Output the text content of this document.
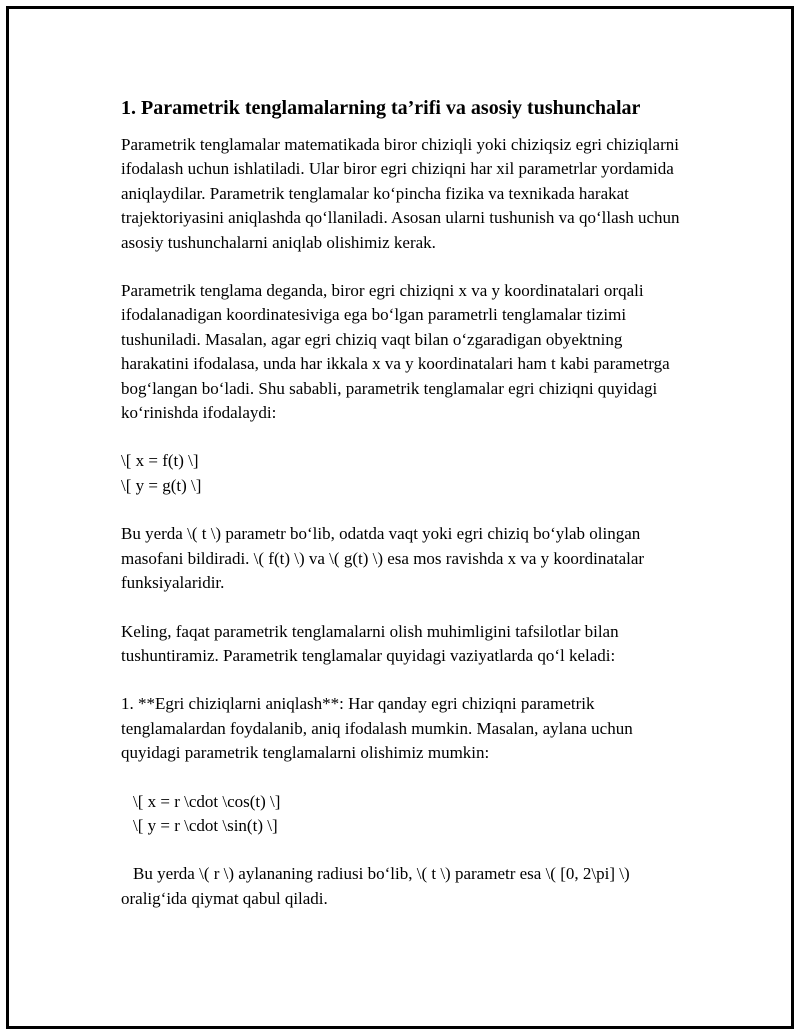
1. Parametrik tenglamalarning ta’rifi va asosiy tushunchalar

Parametrik tenglamalar matematikada biror chiziqli yoki chiziqsiz egri chiziqlarni ifodalash uchun ishlatiladi. Ular biror egri chiziqni har xil parametrlar yordamida aniqlaydilar. Parametrik tenglamalar ko‘pincha fizika va texnikada harakat trajektoriyasini aniqlashda qo‘llaniladi. Asosan ularni tushunish va qo‘llash uchun asosiy tushunchalarni aniqlab olishimiz kerak.

Parametrik tenglama deganda, biror egri chiziqni x va y koordinatalari orqali ifodalanadigan koordinatesiviga ega bo‘lgan parametrli tenglamalar tizimi tushuniladi. Masalan, agar egri chiziq vaqt bilan o‘zgaradigan obyektning harakatini ifodalasa, unda har ikkala x va y koordinatalari ham t kabi parametrga bog‘langan bo‘ladi. Shu sababli, parametrik tenglamalar egri chiziqni quyidagi ko‘rinishda ifodalaydi:

\[ x = f(t) \]
\[ y = g(t) \]

Bu yerda \( t \) parametr bo‘lib, odatda vaqt yoki egri chiziq bo‘ylab olingan masofani bildiradi. \( f(t) \) va \( g(t) \) esa mos ravishda x va y koordinatalar funksiyalaridir.

Keling, faqat parametrik tenglamalarni olish muhimligini tafsilotlar bilan tushuntiramiz. Parametrik tenglamalar quyidagi vaziyatlarda qo‘l keladi:

1. **Egri chiziqlarni aniqlash**: Har qanday egri chiziqni parametrik tenglamalardan foydalanib, aniq ifodalash mumkin. Masalan, aylana uchun quyidagi parametrik tenglamalarni olishimiz mumkin:

\[ x = r \cdot \cos(t) \]
\[ y = r \cdot \sin(t) \]

Bu yerda \( r \) aylananing radiusi bo‘lib, \( t \) parametr esa \( [0, 2\pi] \) oralig‘ida qiymat qabul qiladi.
